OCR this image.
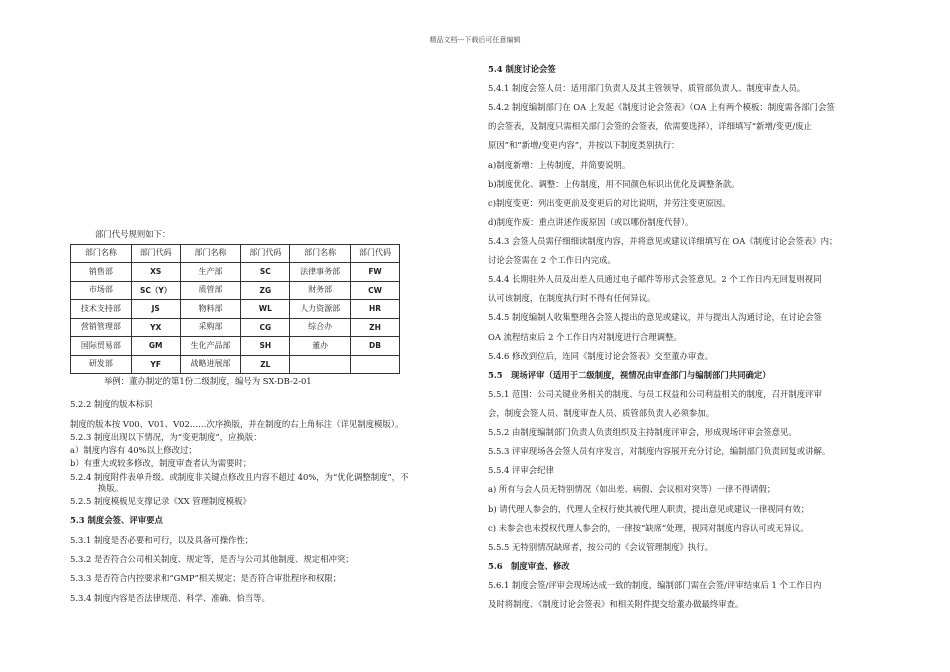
精品文档---下载后可任意编辑

部门代号规则如下：

部门名称	部门代码	部门名称	部门代码	部门名称	部门代码
销售部	XS	生产部	SC	法律事务部	FW
市场部	SC（Y）	质管部	ZG	财务部	CW
技术支持部	JS	物料部	WL	人力资源部	HR
营销管理部	YX	采购部	CG	综合办	ZH
国际贸易部	GM	生化产品部	SH	董办	DB
研发部	YF	战略进展部	ZL		

举例：董办制定的第1份二级制度，编号为 SX-DB-2-01

5.2.2 制度的版本标识

制度的版本按 V00、V01、V02……次序换版，并在制度的右上角标注（详见制度模版）。

5.2.3 制度出现以下情况，为“变更制度”，应换版：

a）制度内容有 40%以上修改过；

b）有重大或较多修改，制度审查者认为需要时；

5.2.4 制度附件表单升级、或制度非关键点修改且内容不超过 40%，为“优化调整制度”，不

换版。

5.2.5 制度模板见支撑记录《XX 管理制度模板》

5.3 制度会签、评审要点

5.3.1 制度是否必要和可行，以及具备可操作性；

5.3.2 是否符合公司相关制度、规定等，是否与公司其他制度、规定相冲突；

5.3.3 是否符合内控要求和“GMP”相关规定；是否符合审批程序和权限；

5.3.4 制度内容是否法律规范、科学、准确、恰当等。

5.4 制度讨论会签

5.4.1 制度会签人员：适用部门负责人及其主管领导、质管部负责人、制度审查人员。

5.4.2 制度编制部门在 OA 上发起《制度讨论会签表》（OA 上有两个模板：制度需各部门会签

的会签表，及制度只需相关部门会签的会签表，依需要选择），详细填写“新增/变更/废止

原因”和“新增/变更内容”，并按以下制度类别执行：

a)制度新增：上传制度，并简要说明。

b)制度优化、调整：上传制度，用不同颜色标识出优化及调整条款。

c)制度变更：列出变更前及变更后的对比说明，并劳注变更原因。

d)制度作废：重点讲述作废原因（或以哪份制度代替）。

5.4.3 会签人员需仔细细读制度内容，并将意见或建议详细填写在 OA《制度讨论会签表》内；

讨论会签需在 2 个工作日内完成。

5.4.4 长期驻外人员及出差人员通过电子邮件等形式会签意见。2 个工作日内无回复则视同

认可该制度，在制度执行时不得有任何异议。

5.4.5 制度编制人收集整理各会签人提出的意见或建议，并与提出人沟通讨论，在讨论会签

OA 流程结束后 2 个工作日内对制度进行合理调整。

5.4.6 修改到位后，连同《制度讨论会签表》交至董办审查。

5.5　现场评审（适用于二级制度，视情况由审查部门与编制部门共同确定）

5.5.1 范围：公司关键业务相关的制度、与员工权益和公司利益相关的制度，召开制度评审

会，制度会签人员、制度审查人员、质管部负责人必须参加。

5.5.2 由制度编制部门负责人负责组织及主持制度评审会，形成现场评审会签意见。

5.5.3 评审现场各会签人员有序发言，对制度内容展开充分讨论，编制部门负责回复或讲解。

5.5.4 评审会纪律

a) 所有与会人员无特别情况（如出差、病假、会议相对突等）一律不得请假；

b) 请代理人参会的，代理人全权行使其被代理人职责，提出意见或建议一律视同有效；

c) 未参会也未授权代理人参会的，一律按“缺席”处理，视同对制度内容认可或无异议。

5.5.5 无特别情况缺席者，按公司的《会议管理制度》执行。

5.6　制度审查、修改

5.6.1 制度会签/评审会现场达成一致的制度，编制部门需在会签/评审结束后 1 个工作日内

及时将制度、《制度讨论会签表》和相关附件提交给董办做最终审查。
